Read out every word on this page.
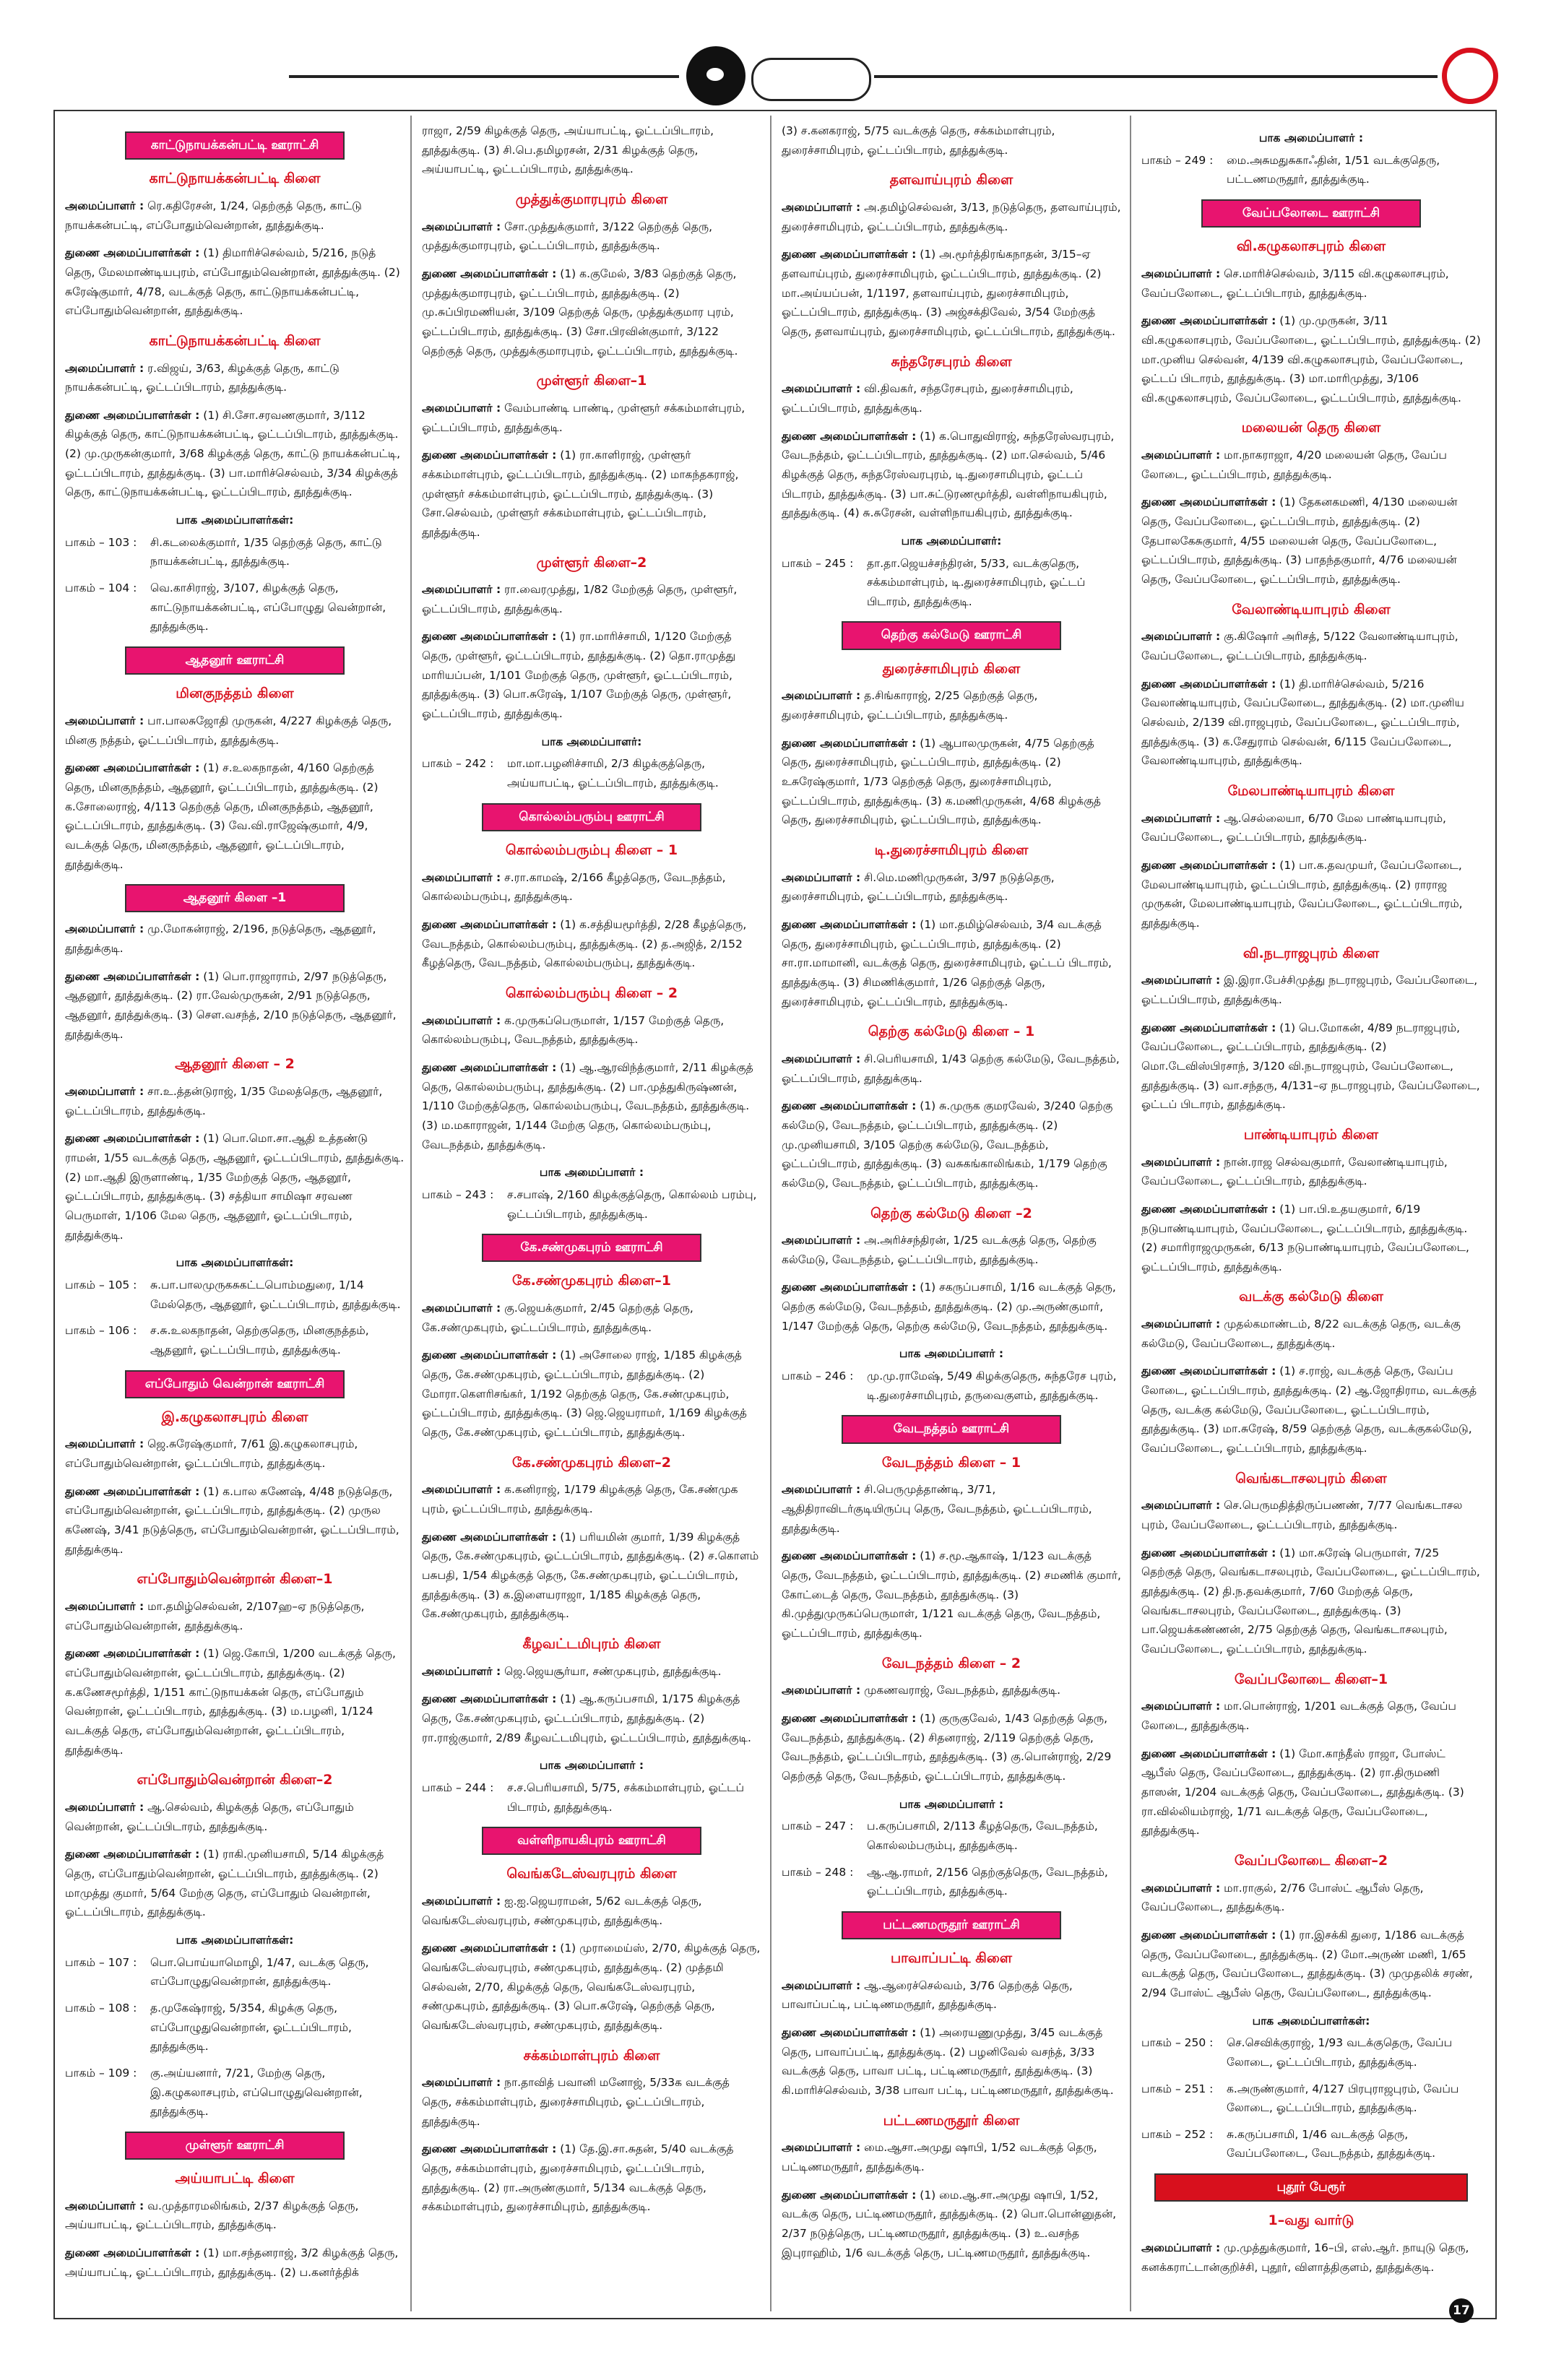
காட்டுநாயக்கன்பட்டி ஊராட்சி
காட்டுநாயக்கன்பட்டி கிளை
அமைப்பாளர் : ரெ.கதிரேசன், 1/24, தெற்குத் தெரு, காட்டு நாயக்கன்பட்டி, எப்போதும்வென்றான், தூத்துக்குடி.
துணை அமைப்பாளர்கள் : (1) திமாரிச்செல்வம், 5/216, நடுத் தெரு, மேலமாண்டியபுரம், எப்போதும்வென்றான், தூத்துக்குடி. (2) சுரேஷ்குமார், 4/78, வடக்குத் தெரு, காட்டுநாயக்கன்பட்டி, எப்போதும்வென்றான், தூத்துக்குடி.
காட்டுநாயக்கன்பட்டி கிளை
அமைப்பாளர் : ர.விஜய், 3/63, கிழக்குத் தெரு, காட்டு நாயக்கன்பட்டி, ஓட்டப்பிடாரம், தூத்துக்குடி.
துணை அமைப்பாளர்கள் : (1) சி.சோ.சரவணகுமார், 3/112 கிழக்குத் தெரு, காட்டுநாயக்கன்பட்டி, ஓட்டப்பிடாரம், தூத்துக்குடி. (2) மு.முருகன்குமார், 3/68 கிழக்குத் தெரு, காட்டு நாயக்கன்பட்டி, ஓட்டப்பிடாரம், தூத்துக்குடி. (3) பா.மாரிச்செல்வம், 3/34 கிழக்குத் தெரு, காட்டுநாயக்கன்பட்டி, ஓட்டப்பிடாரம், தூத்துக்குடி.
பாக அமைப்பாளர்கள்:
பாகம் – 103 :	சி.கடலைக்குமார், 1/35 தெற்குத் தெரு, காட்டு நாயக்கன்பட்டி, தூத்துக்குடி.
பாகம் – 104 :	வெ.காசிராஜ், 3/107, கிழக்குத் தெரு, காட்டுநாயக்கன்பட்டி, எப்போழுது வென்றான், தூத்துக்குடி.
ஆதனூர் ஊராட்சி
மினகுநத்தம் கிளை
அமைப்பாளர் : பா.பாலசுஜோதி முருகன், 4/227 கிழக்குத் தெரு, மினகு நத்தம், ஓட்டப்பிடாரம், தூத்துக்குடி.
துணை அமைப்பாளர்கள் : (1) ச.உலகநாதன், 4/160 தெற்குத் தெரு, மினகுநத்தம், ஆதனூர், ஓட்டப்பிடாரம், தூத்துக்குடி. (2) க.சோலைராஜ், 4/113 தெற்குத் தெரு, மினகுநத்தம், ஆதனூர், ஓட்டப்பிடாரம், தூத்துக்குடி. (3) வே.வி.ராஜேஷ்குமார், 4/9, வடக்குத் தெரு, மினகுநத்தம், ஆதனூர், ஓட்டப்பிடாரம், தூத்துக்குடி.
ஆதனூர் கிளை –1
அமைப்பாளர் : மு.மோகன்ராஜ், 2/196, நடுத்தெரு, ஆதனூர், தூத்துக்குடி.
துணை அமைப்பாளர்கள் : (1) பொ.ராஜாராம், 2/97 நடுத்தெரு, ஆதனூர், தூத்துக்குடி. (2) ரா.வேல்முருகன், 2/91 நடுத்தெரு, ஆதனூர், தூத்துக்குடி. (3) செள.வசந்த், 2/10 நடுத்தெரு, ஆதனூர், தூத்துக்குடி.
ஆதனூர் கிளை – 2
அமைப்பாளர் : சா.உ.த்தன்டுராஜ், 1/35 மேலத்தெரு, ஆதனூர், ஓட்டப்பிடாரம், தூத்துக்குடி.
துணை அமைப்பாளர்கள் : (1) பொ.மொ.சா.ஆதி உத்தண்டு ராமன், 1/55 வடக்குத் தெரு, ஆதனூர், ஓட்டப்பிடாரம், தூத்துக்குடி. (2) மா.ஆதி இருளாண்டி, 1/35 மேற்குத் தெரு, ஆதனூர், ஓட்டப்பிடாரம், தூத்துக்குடி. (3) சத்தியா சாமிஷா சரவண பெருமாள், 1/106 மேல தெரு, ஆதனூர், ஓட்டப்பிடாரம், தூத்துக்குடி.
பாக அமைப்பாளர்கள்:
பாகம் – 105 :	சு.பா.பாலமுருகசுகட்டபொம்மதுரை, 1/14 மேல்தெரு, ஆதனூர், ஓட்டப்பிடாரம், தூத்துக்குடி.
பாகம் – 106 :	ச.சு.உலகநாதன், தெற்குதெரு, மினகுநத்தம், ஆதனூர், ஓட்டப்பிடாரம், தூத்துக்குடி.
எப்போதும் வென்றான் ஊராட்சி
இ.கழுகலாசபுரம் கிளை
அமைப்பாளர் : ஜெ.சுரேஷ்குமார், 7/61 இ.கழுகலாசபுரம், எப்போதும்வென்றான், ஓட்டப்பிடாரம், தூத்துக்குடி.
துணை அமைப்பாளர்கள் : (1) க.பால கணேஷ், 4/48 நடுத்தெரு, எப்போதும்வென்றான், ஓட்டப்பிடாரம், தூத்துக்குடி. (2) முருல கணேஷ், 3/41 நடுத்தெரு, எப்போதும்வென்றான், ஓட்டப்பிடாரம், தூத்துக்குடி.
எப்போதும்வென்றான் கிளை–1
அமைப்பாளர் : மா.தமிழ்செல்வன், 2/107ஹ–ஏ நடுத்தெரு, எப்போதும்வென்றான், தூத்துக்குடி.
துணை அமைப்பாளர்கள் : (1) ஜெ.கோபி, 1/200 வடக்குத் தெரு, எப்போதும்வென்றான், ஓட்டப்பிடாரம், தூத்துக்குடி. (2) க.கணேசமூர்த்தி, 1/151 காட்டுநாயக்கன் தெரு, எப்போதும் வென்றான், ஓட்டப்பிடாரம், தூத்துக்குடி. (3) ம.பழனி, 1/124 வடக்குத் தெரு, எப்போதும்வென்றான், ஓட்டப்பிடாரம், தூத்துக்குடி.
எப்போதும்வென்றான் கிளை–2
அமைப்பாளர் : ஆ.செல்வம், கிழக்குத் தெரு, எப்போதும் வென்றான், ஓட்டப்பிடாரம், தூத்துக்குடி.
துணை அமைப்பாளர்கள் : (1) ராகி.முனியசாமி, 5/14 கிழக்குத் தெரு, எப்போதும்வென்றான், ஓட்டப்பிடாரம், தூத்துக்குடி. (2) மாமுத்து குமார், 5/64 மேற்கு தெரு, எப்போதும் வென்றான், ஓட்டப்பிடாரம், தூத்துக்குடி.
பாக அமைப்பாளர்கள்:
பாகம் – 107 :	பொ.பொய்யாமொழி, 1/47, வடக்கு தெரு, எப்போழுதுவென்றான், தூத்துக்குடி.
பாகம் – 108 :	த.முகேஷ்ராஜ், 5/354, கிழக்கு தெரு, எப்போழுதுவென்றான், ஓட்டப்பிடாரம், தூத்துக்குடி.
பாகம் – 109 :	கு.அய்யனார், 7/21, மேற்கு தெரு, இ.கழுகலாசபுரம், எப்பொழுதுவென்றான், தூத்துக்குடி.
முள்ளூர் ஊராட்சி
அய்யாபட்டி கிளை
அமைப்பாளர் : வ.முத்தாரமலிங்கம், 2/37 கிழக்குத் தெரு, அய்யாபட்டி, ஓட்டப்பிடாரம், தூத்துக்குடி.
துணை அமைப்பாளர்கள் : (1) மா.சந்தனராஜ், 3/2 கிழக்குத் தெரு, அய்யாபட்டி, ஓட்டப்பிடாரம், தூத்துக்குடி. (2) ப.கனர்த்திக்
ராஜா, 2/59 கிழக்குத் தெரு, அய்யாபட்டி, ஓட்டப்பிடாரம், தூத்துக்குடி. (3) சி.பெ.தமிழரசன், 2/31 கிழக்குத் தெரு, அய்யாபட்டி, ஓட்டப்பிடாரம், தூத்துக்குடி.
முத்துக்குமாரபுரம் கிளை
அமைப்பாளர் : சோ.முத்துக்குமார், 3/122 தெற்குத் தெரு, முத்துக்குமாரபுரம், ஓட்டப்பிடாரம், தூத்துக்குடி.
துணை அமைப்பாளர்கள் : (1) க.குமேல், 3/83 தெற்குத் தெரு, முத்துக்குமாரபுரம், ஓட்டப்பிடாரம், தூத்துக்குடி. (2) மு.சுப்பிரமணியன், 3/109 தெற்குத் தெரு, முத்துக்குமார புரம், ஓட்டப்பிடாரம், தூத்துக்குடி. (3) சோ.பிரவின்குமார், 3/122 தெற்குத் தெரு, முத்துக்குமாரபுரம், ஓட்டப்பிடாரம், தூத்துக்குடி.
முள்ளூர் கிளை–1
அமைப்பாளர் : வேம்பாண்டி பாண்டி, முள்ளூர் சக்கம்மாள்புரம், ஓட்டப்பிடாரம், தூத்துக்குடி.
துணை அமைப்பாளர்கள் : (1) ரா.காளிராஜ், முள்ளூர் சக்கம்மாள்புரம், ஓட்டப்பிடாரம், தூத்துக்குடி. (2) மாகந்தகராஜ், முள்ளூர் சக்கம்மாள்புரம், ஓட்டப்பிடாரம், தூத்துக்குடி. (3) சோ.செல்வம், முள்ளூர் சக்கம்மாள்புரம், ஓட்டப்பிடாரம், தூத்துக்குடி.
முள்ளூர் கிளை–2
அமைப்பாளர் : ரா.வைரமுத்து, 1/82 மேற்குத் தெரு, முள்ளூர், ஓட்டப்பிடாரம், தூத்துக்குடி.
துணை அமைப்பாளர்கள் : (1) ரா.மாரிச்சாமி, 1/120 மேற்குத் தெரு, முள்ளூர், ஓட்டப்பிடாரம், தூத்துக்குடி. (2) தொ.ராமுத்து மாரியப்பன், 1/101 மேற்குத் தெரு, முள்ளூர், ஓட்டப்பிடாரம், தூத்துக்குடி. (3) பொ.சுரேஷ், 1/107 மேற்குத் தெரு, முள்ளூர், ஓட்டப்பிடாரம், தூத்துக்குடி.
பாக அமைப்பாளர்:
பாகம் – 242 :	மா.மா.பழனிச்சாமி, 2/3 கிழக்குத்தெரு, அய்யாபட்டி, ஓட்டப்பிடாரம், தூத்துக்குடி.
கொல்லம்பரும்பு ஊராட்சி
கொல்லம்பரும்பு கிளை – 1
அமைப்பாளர் : ச.ரா.காமஷ், 2/166 கீழத்தெரு, வேடநத்தம், கொல்லம்பரும்பு, தூத்துக்குடி.
துணை அமைப்பாளர்கள் : (1) க.சத்தியமூர்த்தி, 2/28 கீழத்தெரு, வேடநத்தம், கொல்லம்பரும்பு, தூத்துக்குடி. (2) த.அஜித், 2/152 கீழத்தெரு, வேடநத்தம், கொல்லம்பரும்பு, தூத்துக்குடி.
கொல்லம்பரும்பு கிளை – 2
அமைப்பாளர் : க.முருகப்பெருமாள், 1/157 மேற்குத் தெரு, கொல்லம்பரும்பு, வேடநத்தம், தூத்துக்குடி.
துணை அமைப்பாளர்கள் : (1) ஆ.ஆரவிந்த்குமார், 2/11 கிழக்குத் தெரு, கொல்லம்பரும்பு, தூத்துக்குடி. (2) பா.முத்துகிருஷ்ணன், 1/110 மேற்குத்தெரு, கொல்லம்பரும்பு, வேடநத்தம், தூத்துக்குடி. (3) ம.மகாராஜன், 1/144 மேற்கு தெரு, கொல்லம்பரும்பு, வேடநத்தம், தூத்துக்குடி.
பாக அமைப்பாளர் :
பாகம் – 243 :	ச.சபாஷ், 2/160 கிழக்குத்தெரு, கொல்லம் பரம்பு, ஓட்டப்பிடாரம், தூத்துக்குடி.
கே.சண்முகபுரம் ஊராட்சி
கே.சண்முகபுரம் கிளை–1
அமைப்பாளர் : கு.ஜெயக்குமார், 2/45 தெற்குத் தெரு, கே.சண்முகபுரம், ஓட்டப்பிடாரம், தூத்துக்குடி.
துணை அமைப்பாளர்கள் : (1) அசோலை ராஜ், 1/185 கிழக்குத் தெரு, கே.சண்முகபுரம், ஓட்டப்பிடாரம், தூத்துக்குடி. (2) மோரா.கௌரிசங்கர், 1/192 தெற்குத் தெரு, கே.சண்முகபுரம், ஓட்டப்பிடாரம், தூத்துக்குடி. (3) ஜெ.ஜெயராமர், 1/169 கிழக்குத் தெரு, கே.சண்முகபுரம், ஓட்டப்பிடாரம், தூத்துக்குடி.
கே.சண்முகபுரம் கிளை–2
அமைப்பாளர் : க.கனிராஜ், 1/179 கிழக்குத் தெரு, கே.சண்முக புரம், ஓட்டப்பிடாரம், தூத்துக்குடி.
துணை அமைப்பாளர்கள் : (1) பரியமின் குமார், 1/39 கிழக்குத் தெரு, கே.சண்முகபுரம், ஓட்டப்பிடாரம், தூத்துக்குடி. (2) ச.கொளம் பசுபதி, 1/54 கிழக்குத் தெரு, கே.சண்முகபுரம், ஓட்டப்பிடாரம், தூத்துக்குடி. (3) க.இளையராஜா, 1/185 கிழக்குத் தெரு, கே.சண்முகபுரம், தூத்துக்குடி.
கீழவட்டமிபுரம் கிளை
அமைப்பாளர் : ஜெ.ஜெயசூர்யா, சண்முகபுரம், தூத்துக்குடி.
துணை அமைப்பாளர்கள் : (1) ஆ.கருப்பசாமி, 1/175 கிழக்குத் தெரு, கே.சண்முகபுரம், ஓட்டப்பிடாரம், தூத்துக்குடி. (2) ரா.ராஜ்குமார், 2/89 கீழவட்டமிபுரம், ஓட்டப்பிடாரம், தூத்துக்குடி.
பாக அமைப்பாளர் :
பாகம் – 244 :	ச.ச.பெரியசாமி, 5/75, சக்கம்மாள்புரம், ஓட்டப் பிடாரம், தூத்துக்குடி.
வள்ளிநாயகிபுரம் ஊராட்சி
வெங்கடேஸ்வரபுரம் கிளை
அமைப்பாளர் : ஐ.ஐ.ஜெயராமன், 5/62 வடக்குத் தெரு, வெங்கடேஸ்வரபுரம், சண்முகபுரம், தூத்துக்குடி.
துணை அமைப்பாளர்கள் : (1) முராமைய்ஸ், 2/70, கிழக்குத் தெரு, வெங்கடேஸ்வரபுரம், சண்முகபுரம், தூத்துக்குடி. (2) முத்தமி செல்வன், 2/70, கிழக்குத் தெரு, வெங்கடேஸ்வரபுரம், சண்முகபுரம், தூத்துக்குடி. (3) பொ.சுரேஷ், தெற்குத் தெரு, வெங்கடேஸ்வரபுரம், சண்முகபுரம், தூத்துக்குடி.
சக்கம்மாள்புரம் கிளை
அமைப்பாளர் : நா.தாவித் பவானி மனோஜ், 5/33க வடக்குத் தெரு, சக்கம்மாள்புரம், துரைச்சாமிபுரம், ஓட்டப்பிடாரம், தூத்துக்குடி.
துணை அமைப்பாளர்கள் : (1) தே.இ.சா.சுதன், 5/40 வடக்குத் தெரு, சக்கம்மாள்புரம், துரைச்சாமிபுரம், ஓட்டப்பிடாரம், தூத்துக்குடி. (2) ரா.அருண்குமார், 5/134 வடக்குத் தெரு, சக்கம்மாள்புரம், துரைச்சாமிபுரம், தூத்துக்குடி.
(3) ச.கனகராஜ், 5/75 வடக்குத் தெரு, சக்கம்மாள்புரம், துரைச்சாமிபுரம், ஓட்டப்பிடாரம், தூத்துக்குடி.
தளவாய்புரம் கிளை
அமைப்பாளர் : அ.தமிழ்செல்வன், 3/13, நடுத்தெரு, தளவாய்புரம், துரைச்சாமிபுரம், ஓட்டப்பிடாரம், தூத்துக்குடி.
துணை அமைப்பாளர்கள் : (1) அ.மூர்த்திரங்கநாதன், 3/15–ஏ தளவாய்புரம், துரைச்சாமிபுரம், ஓட்டப்பிடாரம், தூத்துக்குடி. (2) மா.அய்யப்பன், 1/1197, தளவாய்புரம், துரைச்சாமிபுரம், ஓட்டப்பிடாரம், தூத்துக்குடி. (3) அஜ்சக்திவேல், 3/54 மேற்குத் தெரு, தளவாய்புரம், துரைச்சாமிபுரம், ஓட்டப்பிடாரம், தூத்துக்குடி.
சுந்தரேசபுரம் கிளை
அமைப்பாளர் : வி.திவகர், சந்தரேசபுரம், துரைச்சாமிபுரம், ஓட்டப்பிடாரம், தூத்துக்குடி.
துணை அமைப்பாளர்கள் : (1) க.பொதுவிராஜ், சுந்தரேஸ்வரபுரம், வேடநத்தம், ஓட்டப்பிடாரம், தூத்துக்குடி. (2) மா.செல்வம், 5/46 கிழக்குத் தெரு, சுந்தரேஸ்வரபுரம், டி.துரைசாமிபுரம், ஓட்டப் பிடாரம், தூத்துக்குடி. (3) பா.சுட்டுரணமூர்த்தி, வள்ளிநாயகிபுரம், தூத்துக்குடி. (4) சு.சுரேசன், வள்ளிநாயகிபுரம், தூத்துக்குடி.
பாக அமைப்பாளர்:
பாகம் – 245 :	தா.தா.ஜெயச்சந்திரன், 5/33, வடக்குதெரு, சக்கம்மாள்புரம், டி.துரைச்சாமிபுரம், ஓட்டப் பிடாரம், தூத்துக்குடி.
தெற்கு கல்மேடு ஊராட்சி
துரைச்சாமிபுரம் கிளை
அமைப்பாளர் : த.சிங்காராஜ், 2/25 தெற்குத் தெரு, துரைச்சாமிபுரம், ஓட்டப்பிடாரம், தூத்துக்குடி.
துணை அமைப்பாளர்கள் : (1) ஆபாலமுருகன், 4/75 தெற்குத் தெரு, துரைச்சாமிபுரம், ஓட்டப்பிடாரம், தூத்துக்குடி. (2) உசுரேஷ்குமார், 1/73 தெற்குத் தெரு, துரைச்சாமிபுரம், ஓட்டப்பிடாரம், தூத்துக்குடி. (3) க.மணிமுருகன், 4/68 கிழக்குத் தெரு, துரைச்சாமிபுரம், ஓட்டப்பிடாரம், தூத்துக்குடி.
டி.துரைச்சாமிபுரம் கிளை
அமைப்பாளர் : சி.மெ.மணிமுருகன், 3/97 நடுத்தெரு, துரைச்சாமிபுரம், ஓட்டப்பிடாரம், தூத்துக்குடி.
துணை அமைப்பாளர்கள் : (1) மா.தமிழ்செல்வம், 3/4 வடக்குத் தெரு, துரைச்சாமிபுரம், ஓட்டப்பிடாரம், தூத்துக்குடி. (2) சா.ரா.மாமானி, வடக்குத் தெரு, துரைச்சாமிபுரம், ஓட்டப் பிடாரம், தூத்துக்குடி. (3) சிமணிக்குமார், 1/26 தெற்குத் தெரு, துரைச்சாமிபுரம், ஓட்டப்பிடாரம், தூத்துக்குடி.
தெற்கு கல்மேடு கிளை – 1
அமைப்பாளர் : சி.பெரியசாமி, 1/43 தெற்கு கல்மேடு, வேடநத்தம், ஓட்டப்பிடாரம், தூத்துக்குடி.
துணை அமைப்பாளர்கள் : (1) சு.முருக குமரவேல், 3/240 தெற்கு கல்மேடு, வேடநத்தம், ஓட்டப்பிடாரம், தூத்துக்குடி. (2) மு.முனியசாமி, 3/105 தெற்கு கல்மேடு, வேடநத்தம், ஓட்டப்பிடாரம், தூத்துக்குடி. (3) வசுகங்காலிங்கம், 1/179 தெற்கு கல்மேடு, வேடநத்தம், ஓட்டப்பிடாரம், தூத்துக்குடி.
தெற்கு கல்மேடு கிளை –2
அமைப்பாளர் : அ.அரிச்சந்திரன், 1/25 வடக்குத் தெரு, தெற்கு கல்மேடு, வேடநத்தம், ஓட்டப்பிடாரம், தூத்துக்குடி.
துணை அமைப்பாளர்கள் : (1) சகருப்பசாமி, 1/16 வடக்குத் தெரு, தெற்கு கல்மேடு, வேடநத்தம், தூத்துக்குடி. (2) மு.அருண்குமார், 1/147 மேற்குத் தெரு, தெற்கு கல்மேடு, வேடநத்தம், தூத்துக்குடி.
பாக அமைப்பாளர் :
பாகம் – 246 :	மு.மு.ராமேஷ், 5/49 கிழக்குதெரு, சுந்தரேச புரம், டி.துரைச்சாமிபுரம், தருவைகுளம், தூத்துக்குடி.
வேடநத்தம் ஊராட்சி
வேடநத்தம் கிளை – 1
அமைப்பாளர் : சி.பெருமுத்தாண்டி, 3/71, ஆதிதிராவிடர்குடியிருப்பு தெரு, வேடநத்தம், ஓட்டப்பிடாரம், தூத்துக்குடி.
துணை அமைப்பாளர்கள் : (1) ச.மூ.ஆகாஷ், 1/123 வடக்குத் தெரு, வேடநத்தம், ஓட்டப்பிடாரம், தூத்துக்குடி. (2) சமணிக் குமார், கோட்டைத் தெரு, வேடநத்தம், தூத்துக்குடி. (3) கி.முத்துமுருகப்பெருமாள், 1/121 வடக்குத் தெரு, வேடநத்தம், ஓட்டப்பிடாரம், தூத்துக்குடி.
வேடநத்தம் கிளை – 2
அமைப்பாளர் : முகணவராஜ், வேடநத்தம், தூத்துக்குடி.
துணை அமைப்பாளர்கள் : (1) குருகுவேல், 1/43 தெற்குத் தெரு, வேடநத்தம், தூத்துக்குடி. (2) சிதனராஜ், 2/119 தெற்குத் தெரு, வேடநத்தம், ஓட்டப்பிடாரம், தூத்துக்குடி. (3) கு.பொன்ராஜ், 2/29 தெற்குத் தெரு, வேடநத்தம், ஓட்டப்பிடாரம், தூத்துக்குடி.
பாக அமைப்பாளர் :
பாகம் – 247 :	ப.கருப்பசாமி, 2/113 கீழத்தெரு, வேடநத்தம், கொல்லம்பரும்பு, தூத்துக்குடி.
பாகம் – 248 :	ஆ.ஆ.ராமர், 2/156 தெற்குத்தெரு, வேடநத்தம், ஓட்டப்பிடாரம், தூத்துக்குடி.
பட்டணமருதூர் ஊராட்சி
பாவாப்பட்டி கிளை
அமைப்பாளர் : ஆ.ஆரைச்செல்வம், 3/76 தெற்குத் தெரு, பாவாப்பட்டி, பட்டிணமருதூர், தூத்துக்குடி.
துணை அமைப்பாளர்கள் : (1) அரையணுமுத்து, 3/45 வடக்குத் தெரு, பாவாப்பட்டி, தூத்துக்குடி. (2) பழனிவேல் வசந்த், 3/33 வடக்குத் தெரு, பாவா பட்டி, பட்டிணமருதூர், தூத்துக்குடி. (3) கி.மாரிச்செல்வம், 3/38 பாவா பட்டி, பட்டிணமருதூர், தூத்துக்குடி.
பட்டணமருதூர் கிளை
அமைப்பாளர் : மை.ஆசா.அமுது ஷாபி, 1/52 வடக்குத் தெரு, பட்டிணமருதூர், தூத்துக்குடி.
துணை அமைப்பாளர்கள் : (1) மை.ஆ.சா.அமுது ஷாபி, 1/52, வடக்கு தெரு, பட்டிணமருதூர், தூத்துக்குடி. (2) பொ.பொன்னுதன், 2/37 நடுத்தெரு, பட்டிணமருதூர், தூத்துக்குடி. (3) உ.வசந்த இபுராஹிம், 1/6 வடக்குத் தெரு, பட்டிணமருதூர், தூத்துக்குடி.
பாக அமைப்பாளர் :
பாகம் – 249 :	மை.அசுமதுசுகாஃதின், 1/51 வடக்குதெரு, பட்டணமருதூர், தூத்துக்குடி.
வேப்பலோடை ஊராட்சி
வி.கழுகலாசபுரம் கிளை
அமைப்பாளர் : செ.மாரிச்செல்வம், 3/115 வி.கழுகலாசபுரம், வேப்பலோடை, ஓட்டப்பிடாரம், தூத்துக்குடி.
துணை அமைப்பாளர்கள் : (1) மு.முருகன், 3/11 வி.கழுகலாசபுரம், வேப்பலோடை, ஓட்டப்பிடாரம், தூத்துக்குடி. (2) மா.முனிய செல்வன், 4/139 வி.கழுகலாசபுரம், வேப்பலோடை, ஓட்டப் பிடாரம், தூத்துக்குடி. (3) மா.மாரிமுத்து, 3/106 வி.கழுகலாசபுரம், வேப்பலோடை, ஓட்டப்பிடாரம், தூத்துக்குடி.
மலையன் தெரு கிளை
அமைப்பாளர் : மா.நாகராஜா, 4/20 மலையன் தெரு, வேப்ப லோடை, ஓட்டப்பிடாரம், தூத்துக்குடி.
துணை அமைப்பாளர்கள் : (1) தேகனகமணி, 4/130 மலையன் தெரு, வேப்பலோடை, ஓட்டப்பிடாரம், தூத்துக்குடி. (2) தேபாலகேசுகுமார், 4/55 மலையன் தெரு, வேப்பலோடை, ஓட்டப்பிடாரம், தூத்துக்குடி. (3) பாதந்தகுமார், 4/76 மலையன் தெரு, வேப்பலோடை, ஓட்டப்பிடாரம், தூத்துக்குடி.
வேலாண்டியாபுரம் கிளை
அமைப்பாளர் : கு.கிஷோர் அரிசத், 5/122 வேலாண்டியாபுரம், வேப்பலோடை, ஓட்டப்பிடாரம், தூத்துக்குடி.
துணை அமைப்பாளர்கள் : (1) தி.மாரிச்செல்வம், 5/216 வேலாண்டியாபுரம், வேப்பலோடை, தூத்துக்குடி. (2) மா.முனிய செல்வம், 2/139 வி.ராஜபுரம், வேப்பலோடை, ஓட்டப்பிடாரம், தூத்துக்குடி. (3) க.சேதுராம் செல்வன், 6/115 வேப்பலோடை, வேலாண்டியாபுரம், தூத்துக்குடி.
மேலபாண்டியாபுரம் கிளை
அமைப்பாளர் : ஆ.செல்லையா, 6/70 மேல பாண்டியாபுரம், வேப்பலோடை, ஓட்டப்பிடாரம், தூத்துக்குடி.
துணை அமைப்பாளர்கள் : (1) பா.க.தவமுயர், வேப்பலோடை, மேலபாண்டியாபுரம், ஓட்டப்பிடாரம், தூத்துக்குடி. (2) ராராஜ முருகன், மேலபாண்டியாபுரம், வேப்பலோடை, ஓட்டப்பிடாரம், தூத்துக்குடி.
வி.நடராஜபுரம் கிளை
அமைப்பாளர் : இ.இரா.பேச்சிமுத்து நடராஜபுரம், வேப்பலோடை, ஓட்டப்பிடாரம், தூத்துக்குடி.
துணை அமைப்பாளர்கள் : (1) பெ.மோகன், 4/89 நடராஜபுரம், வேப்பலோடை, ஓட்டப்பிடாரம், தூத்துக்குடி. (2) மொ.டேவிஸ்பிரசாந், 3/120 வி.நடராஜபுரம், வேப்பலோடை, தூத்துக்குடி. (3) வா.சந்தரு, 4/131–ஏ நடராஜபுரம், வேப்பலோடை, ஓட்டப் பிடாரம், தூத்துக்குடி.
பாண்டியாபுரம் கிளை
அமைப்பாளர் : நான்.ராஜ செல்வகுமார், வேலாண்டியாபுரம், வேப்பலோடை, ஓட்டப்பிடாரம், தூத்துக்குடி.
துணை அமைப்பாளர்கள் : (1) பா.பி.உதயகுமார், 6/19 நடுபாண்டியாபுரம், வேப்பலோடை, ஓட்டப்பிடாரம், தூத்துக்குடி. (2) சமாரிராஜமுருகன், 6/13 நடுபாண்டியாபுரம், வேப்பலோடை, ஓட்டப்பிடாரம், தூத்துக்குடி.
வடக்கு கல்மேடு கிளை
அமைப்பாளர் : முதல்கமாண்டம், 8/22 வடக்குத் தெரு, வடக்கு கல்மேடு, வேப்பலோடை, தூத்துக்குடி.
துணை அமைப்பாளர்கள் : (1) ச.ராஜ், வடக்குத் தெரு, வேப்ப லோடை, ஓட்டப்பிடாரம், தூத்துக்குடி. (2) ஆ.ஜோதிராம, வடக்குத் தெரு, வடக்கு கல்மேடு, வேப்பலோடை, ஓட்டப்பிடாரம், தூத்துக்குடி. (3) மா.சுரேஷ், 8/59 தெற்குத் தெரு, வடக்குகல்மேடு, வேப்பலோடை, ஓட்டப்பிடாரம், தூத்துக்குடி.
வெங்கடாசலபுரம் கிளை
அமைப்பாளர் : செ.பெருமதித்திருப்பணண், 7/77 வெங்கடாசல புரம், வேப்பலோடை, ஓட்டப்பிடாரம், தூத்துக்குடி.
துணை அமைப்பாளர்கள் : (1) மா.சுரேஷ் பெருமாள், 7/25 தெற்குத் தெரு, வெங்கடாசலபுரம், வேப்பலோடை, ஓட்டப்பிடாரம், தூத்துக்குடி. (2) தி.ந.தவக்குமார், 7/60 மேற்குத் தெரு, வெங்கடாசலபுரம், வேப்பலோடை, தூத்துக்குடி. (3) பா.ஜெயக்கண்ணன், 2/75 தெற்குத் தெரு, வெங்கடாசலபுரம், வேப்பலோடை, ஓட்டப்பிடாரம், தூத்துக்குடி.
வேப்பலோடை கிளை–1
அமைப்பாளர் : மா.பொன்ராஜ், 1/201 வடக்குத் தெரு, வேப்ப லோடை, தூத்துக்குடி.
துணை அமைப்பாளர்கள் : (1) மோ.காந்தீஸ் ராஜா, போஸ்ட் ஆபீஸ் தெரு, வேப்பலோடை, தூத்துக்குடி. (2) ரா.திருமணி தாஸன், 1/204 வடக்குத் தெரு, வேப்பலோடை, தூத்துக்குடி. (3) ரா.வில்லியம்ராஜ், 1/71 வடக்குத் தெரு, வேப்பலோடை, தூத்துக்குடி.
வேப்பலோடை கிளை–2
அமைப்பாளர் : மா.ராகுல், 2/76 போஸ்ட் ஆபீஸ் தெரு, வேப்பலோடை, தூத்துக்குடி.
துணை அமைப்பாளர்கள் : (1) ரா.இசக்கி துரை, 1/186 வடக்குத் தெரு, வேப்பலோடை, தூத்துக்குடி. (2) மோ.அருண் மணி, 1/65 வடக்குத் தெரு, வேப்பலோடை, தூத்துக்குடி. (3) முமுதலிக் சரண், 2/94 போஸ்ட் ஆபீஸ் தெரு, வேப்பலோடை, தூத்துக்குடி.
பாக அமைப்பாளர்கள்:
பாகம் – 250 :	செ.செவிக்குராஜ், 1/93 வடக்குதெரு, வேப்ப லோடை, ஓட்டப்பிடாரம், தூத்துக்குடி.
பாகம் – 251 :	க.அருண்குமார், 4/127 பிரபுராஜபுரம், வேப்ப லோடை, ஓட்டப்பிடாரம், தூத்துக்குடி.
பாகம் – 252 :	சு.கருப்பசாமி, 1/46 வடக்குத் தெரு, வேப்பலோடை, வேடநத்தம், தூத்துக்குடி.
புதூர் பேரூர்
1–வது வார்டு
அமைப்பாளர் : மு.முத்துக்குமார், 16–பி, எஸ்.ஆர். நாயுடு தெரு, கனக்கராட்டான்குறிச்சி, புதூர், விளாத்திகுளம், தூத்துக்குடி.
17
